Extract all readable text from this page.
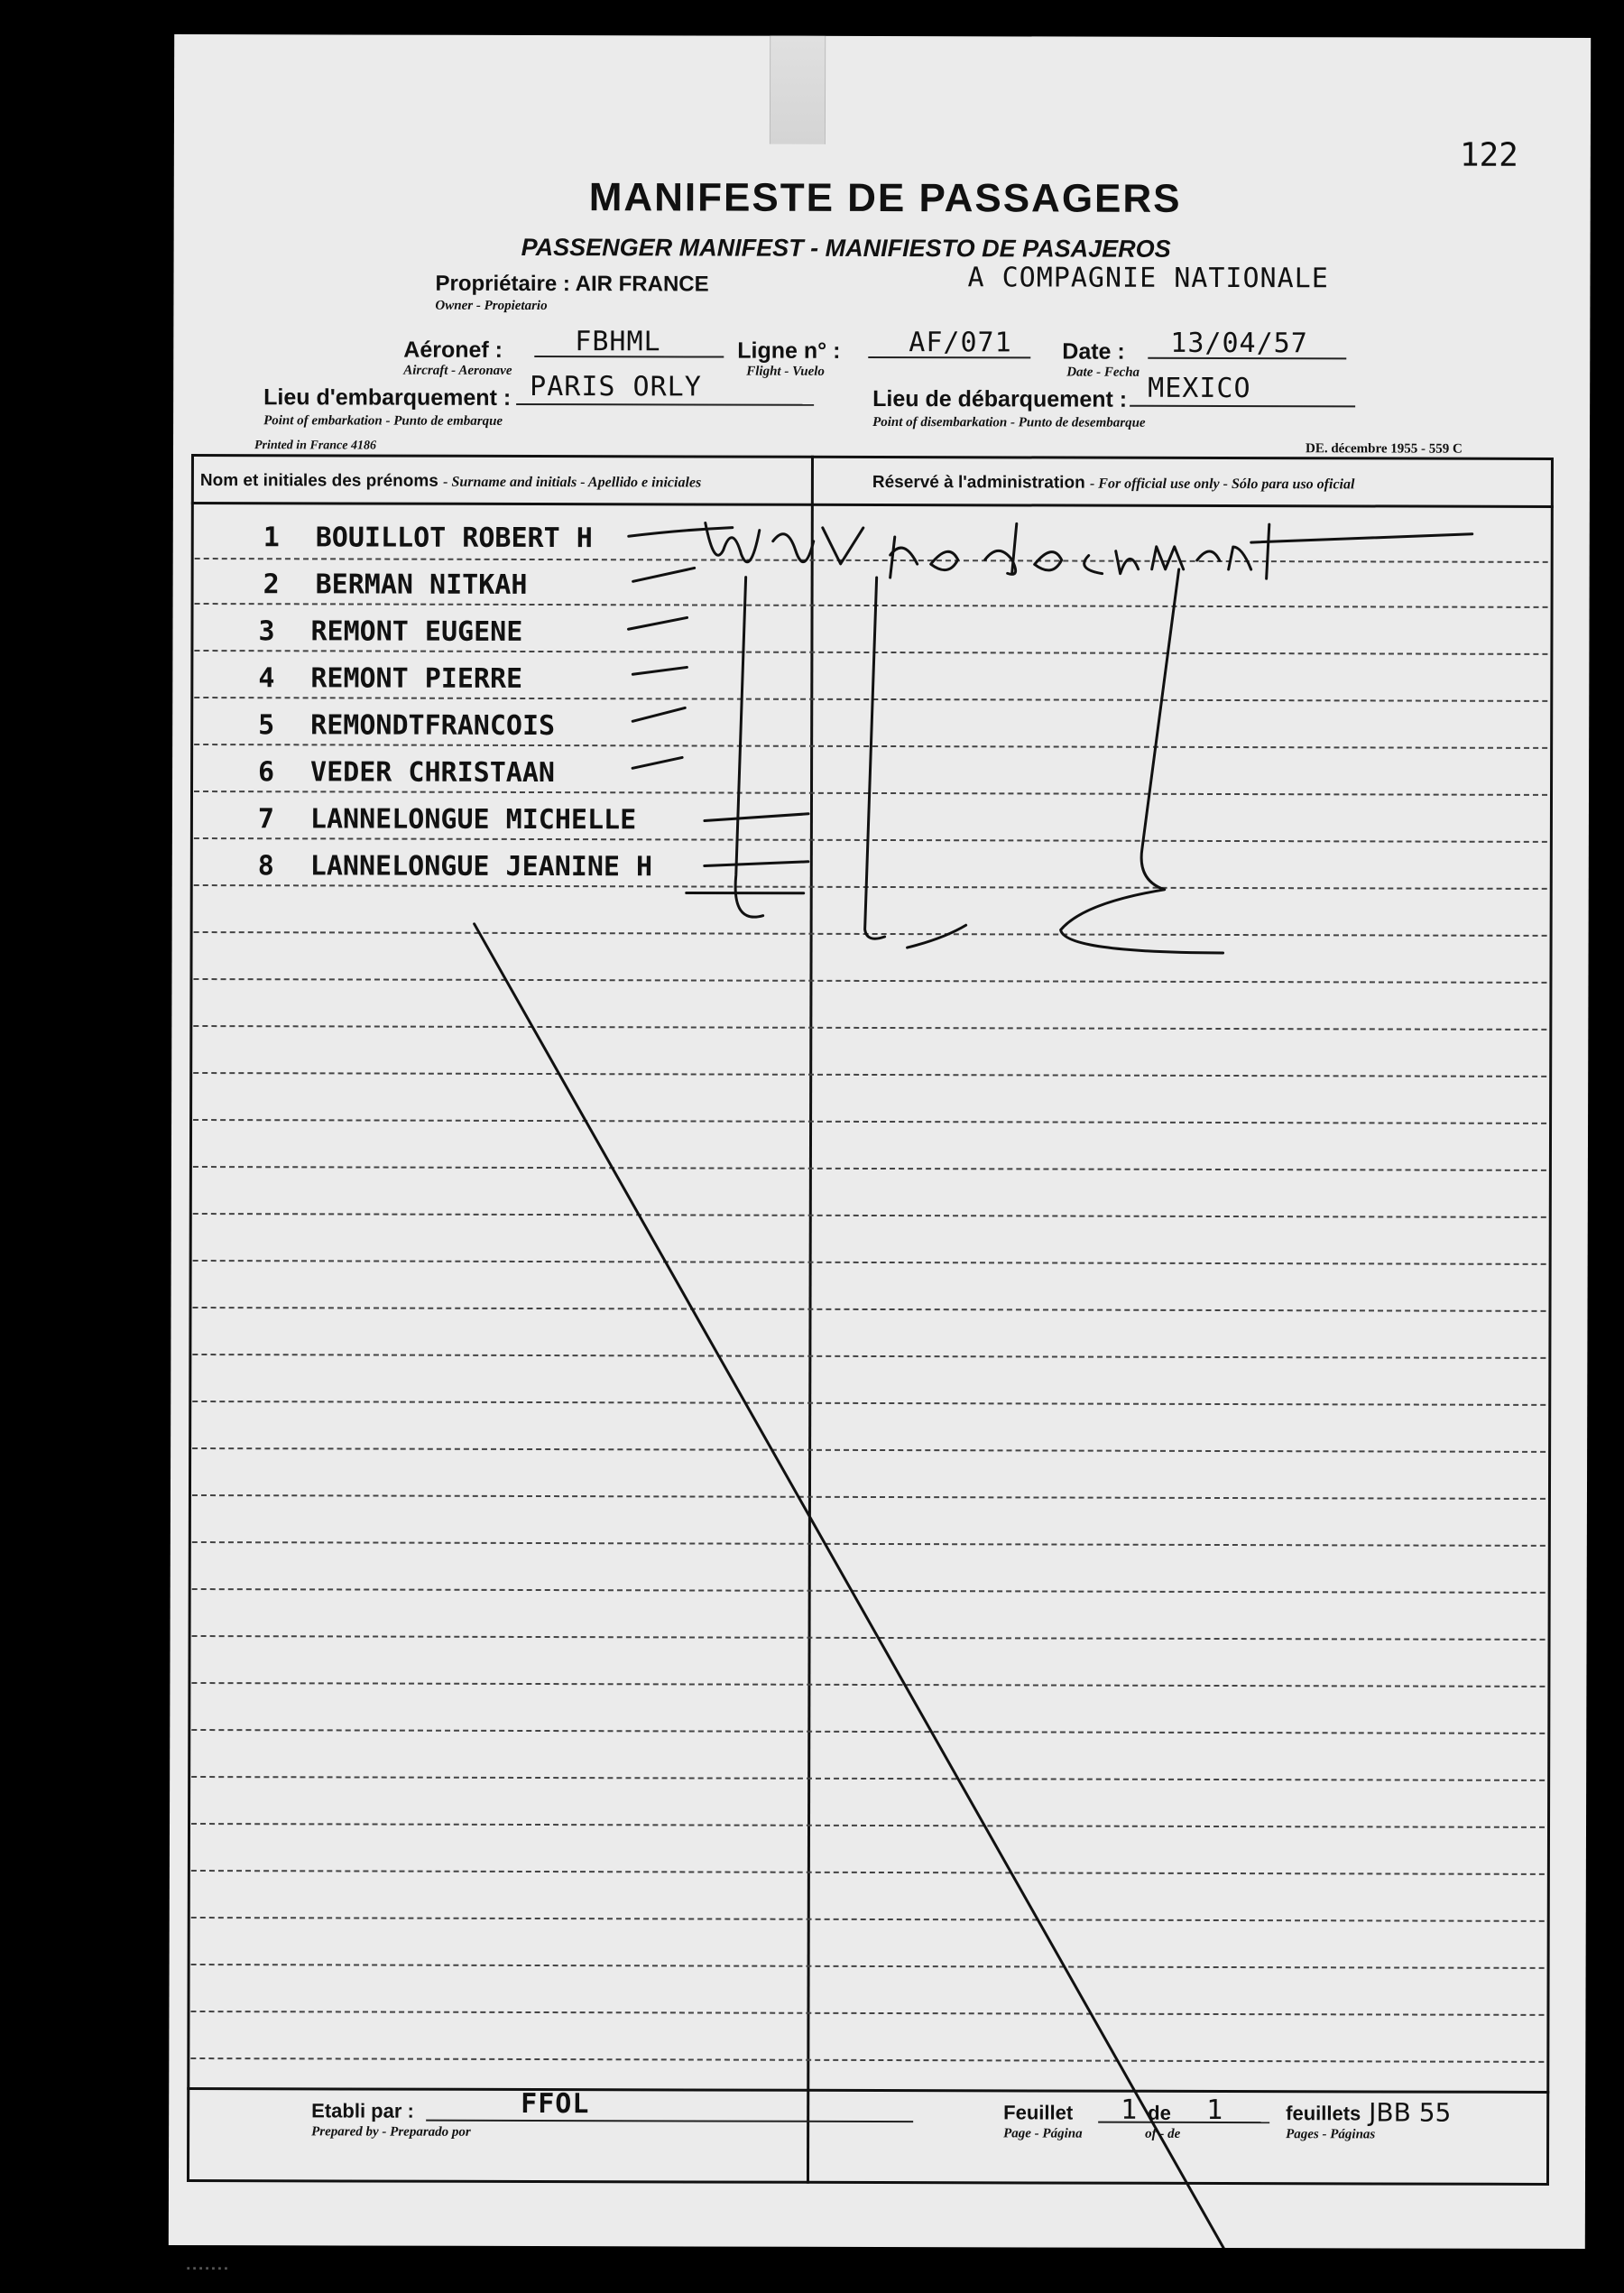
122
MANIFESTE DE PASSAGERS
PASSENGER MANIFEST - MANIFIESTO DE PASAJEROS
Propriétaire : AIR FRANCE
Owner - Propietario
A COMPAGNIE NATIONALE
Aéronef :
Aircraft - Aeronave
FBHML	Ligne n° :
Flight - Vuelo
AF/071 Date :
Date - Fecha
13/04/57
Lieu d'embarquement :
Point of embarkation - Punto de embarque
PARIS ORLY	Lieu de débarquement :
Point of disembarkation - Punto de desembarque
MEXICO
Printed in France 4186	DE. décembre 1955 - 559 C
Nom et initiales des prénoms - Surname and initials - Apellido e iniciales	Réservé à l'administration - For official use only - Sólo para uso oficial
1 BOUILLOT ROBERT H
2 BERMAN NITKAH
3 REMONT EUGENE
4 REMONT PIERRE
5 REMONDTFRANCOIS
6 VEDER CHRISTAAN
7 LANNELONGUE MICHELLE
8 LANNELONGUE JEANINE H
Etabli par :
Prepared by - Preparado por
FFOL	Feuillet
Page - Página
1 de
of - de
1	feuillets
Pages - Páginas
JBB 55
▪ ▪ ▪ ▪ ▪ ▪ ▪
